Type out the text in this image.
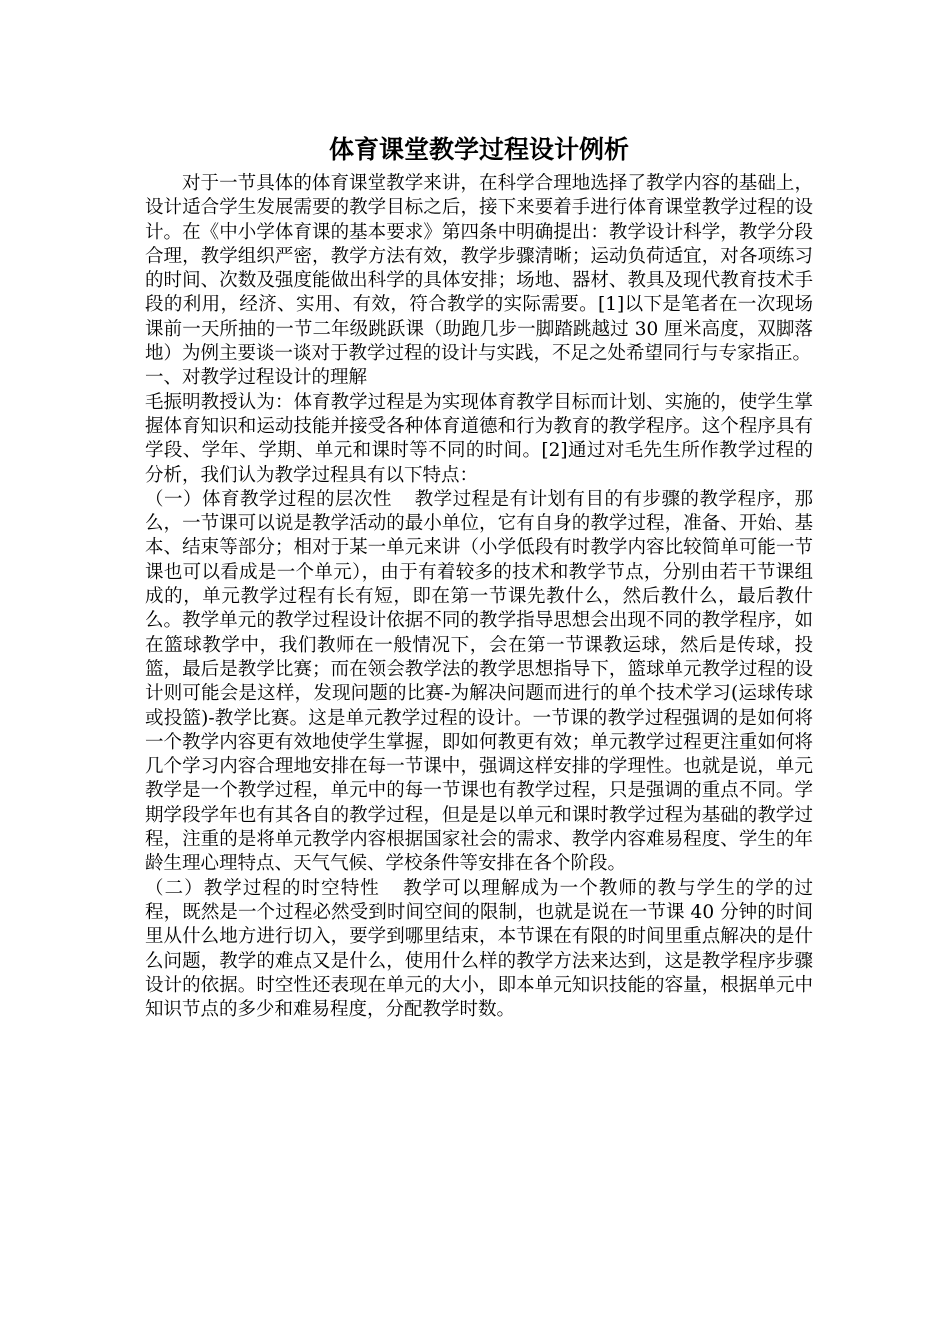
体育课堂教学过程设计例析

对于一节具体的体育课堂教学来讲，在科学合理地选择了教学内容的基础上，设计适合学生发展需要的教学目标之后，接下来要着手进行体育课堂教学过程的设计。在《中小学体育课的基本要求》第四条中明确提出：教学设计科学，教学分段合理，教学组织严密，教学方法有效，教学步骤清晰；运动负荷适宜，对各项练习的时间、次数及强度能做出科学的具体安排；场地、器材、教具及现代教育技术手段的利用，经济、实用、有效，符合教学的实际需要。[1]以下是笔者在一次现场课前一天所抽的一节二年级跳跃课（助跑几步一脚踏跳越过 30 厘米高度，双脚落地）为例主要谈一谈对于教学过程的设计与实践，不足之处希望同行与专家指正。

一、对教学过程设计的理解

毛振明教授认为：体育教学过程是为实现体育教学目标而计划、实施的，使学生掌握体育知识和运动技能并接受各种体育道德和行为教育的教学程序。这个程序具有学段、学年、学期、单元和课时等不同的时间。[2]通过对毛先生所作教学过程的分析，我们认为教学过程具有以下特点：

（一）体育教学过程的层次性 教学过程是有计划有目的有步骤的教学程序，那么，一节课可以说是教学活动的最小单位，它有自身的教学过程，准备、开始、基本、结束等部分；相对于某一单元来讲（小学低段有时教学内容比较简单可能一节课也可以看成是一个单元），由于有着较多的技术和教学节点，分别由若干节课组成的，单元教学过程有长有短，即在第一节课先教什么，然后教什么，最后教什么。教学单元的教学过程设计依据不同的教学指导思想会出现不同的教学程序，如在篮球教学中，我们教师在一般情况下，会在第一节课教运球，然后是传球，投篮，最后是教学比赛；而在领会教学法的教学思想指导下，篮球单元教学过程的设计则可能会是这样，发现问题的比赛-为解决问题而进行的单个技术学习(运球传球或投篮)-教学比赛。这是单元教学过程的设计。一节课的教学过程强调的是如何将一个教学内容更有效地使学生掌握，即如何教更有效；单元教学过程更注重如何将几个学习内容合理地安排在每一节课中，强调这样安排的学理性。也就是说，单元教学是一个教学过程，单元中的每一节课也有教学过程，只是强调的重点不同。学期学段学年也有其各自的教学过程，但是是以单元和课时教学过程为基础的教学过程，注重的是将单元教学内容根据国家社会的需求、教学内容难易程度、学生的年龄生理心理特点、天气气候、学校条件等安排在各个阶段。

（二）教学过程的时空特性 教学可以理解成为一个教师的教与学生的学的过程，既然是一个过程必然受到时间空间的限制，也就是说在一节课 40 分钟的时间里从什么地方进行切入，要学到哪里结束，本节课在有限的时间里重点解决的是什么问题，教学的难点又是什么，使用什么样的教学方法来达到，这是教学程序步骤设计的依据。时空性还表现在单元的大小，即本单元知识技能的容量，根据单元中知识节点的多少和难易程度，分配教学时数。
